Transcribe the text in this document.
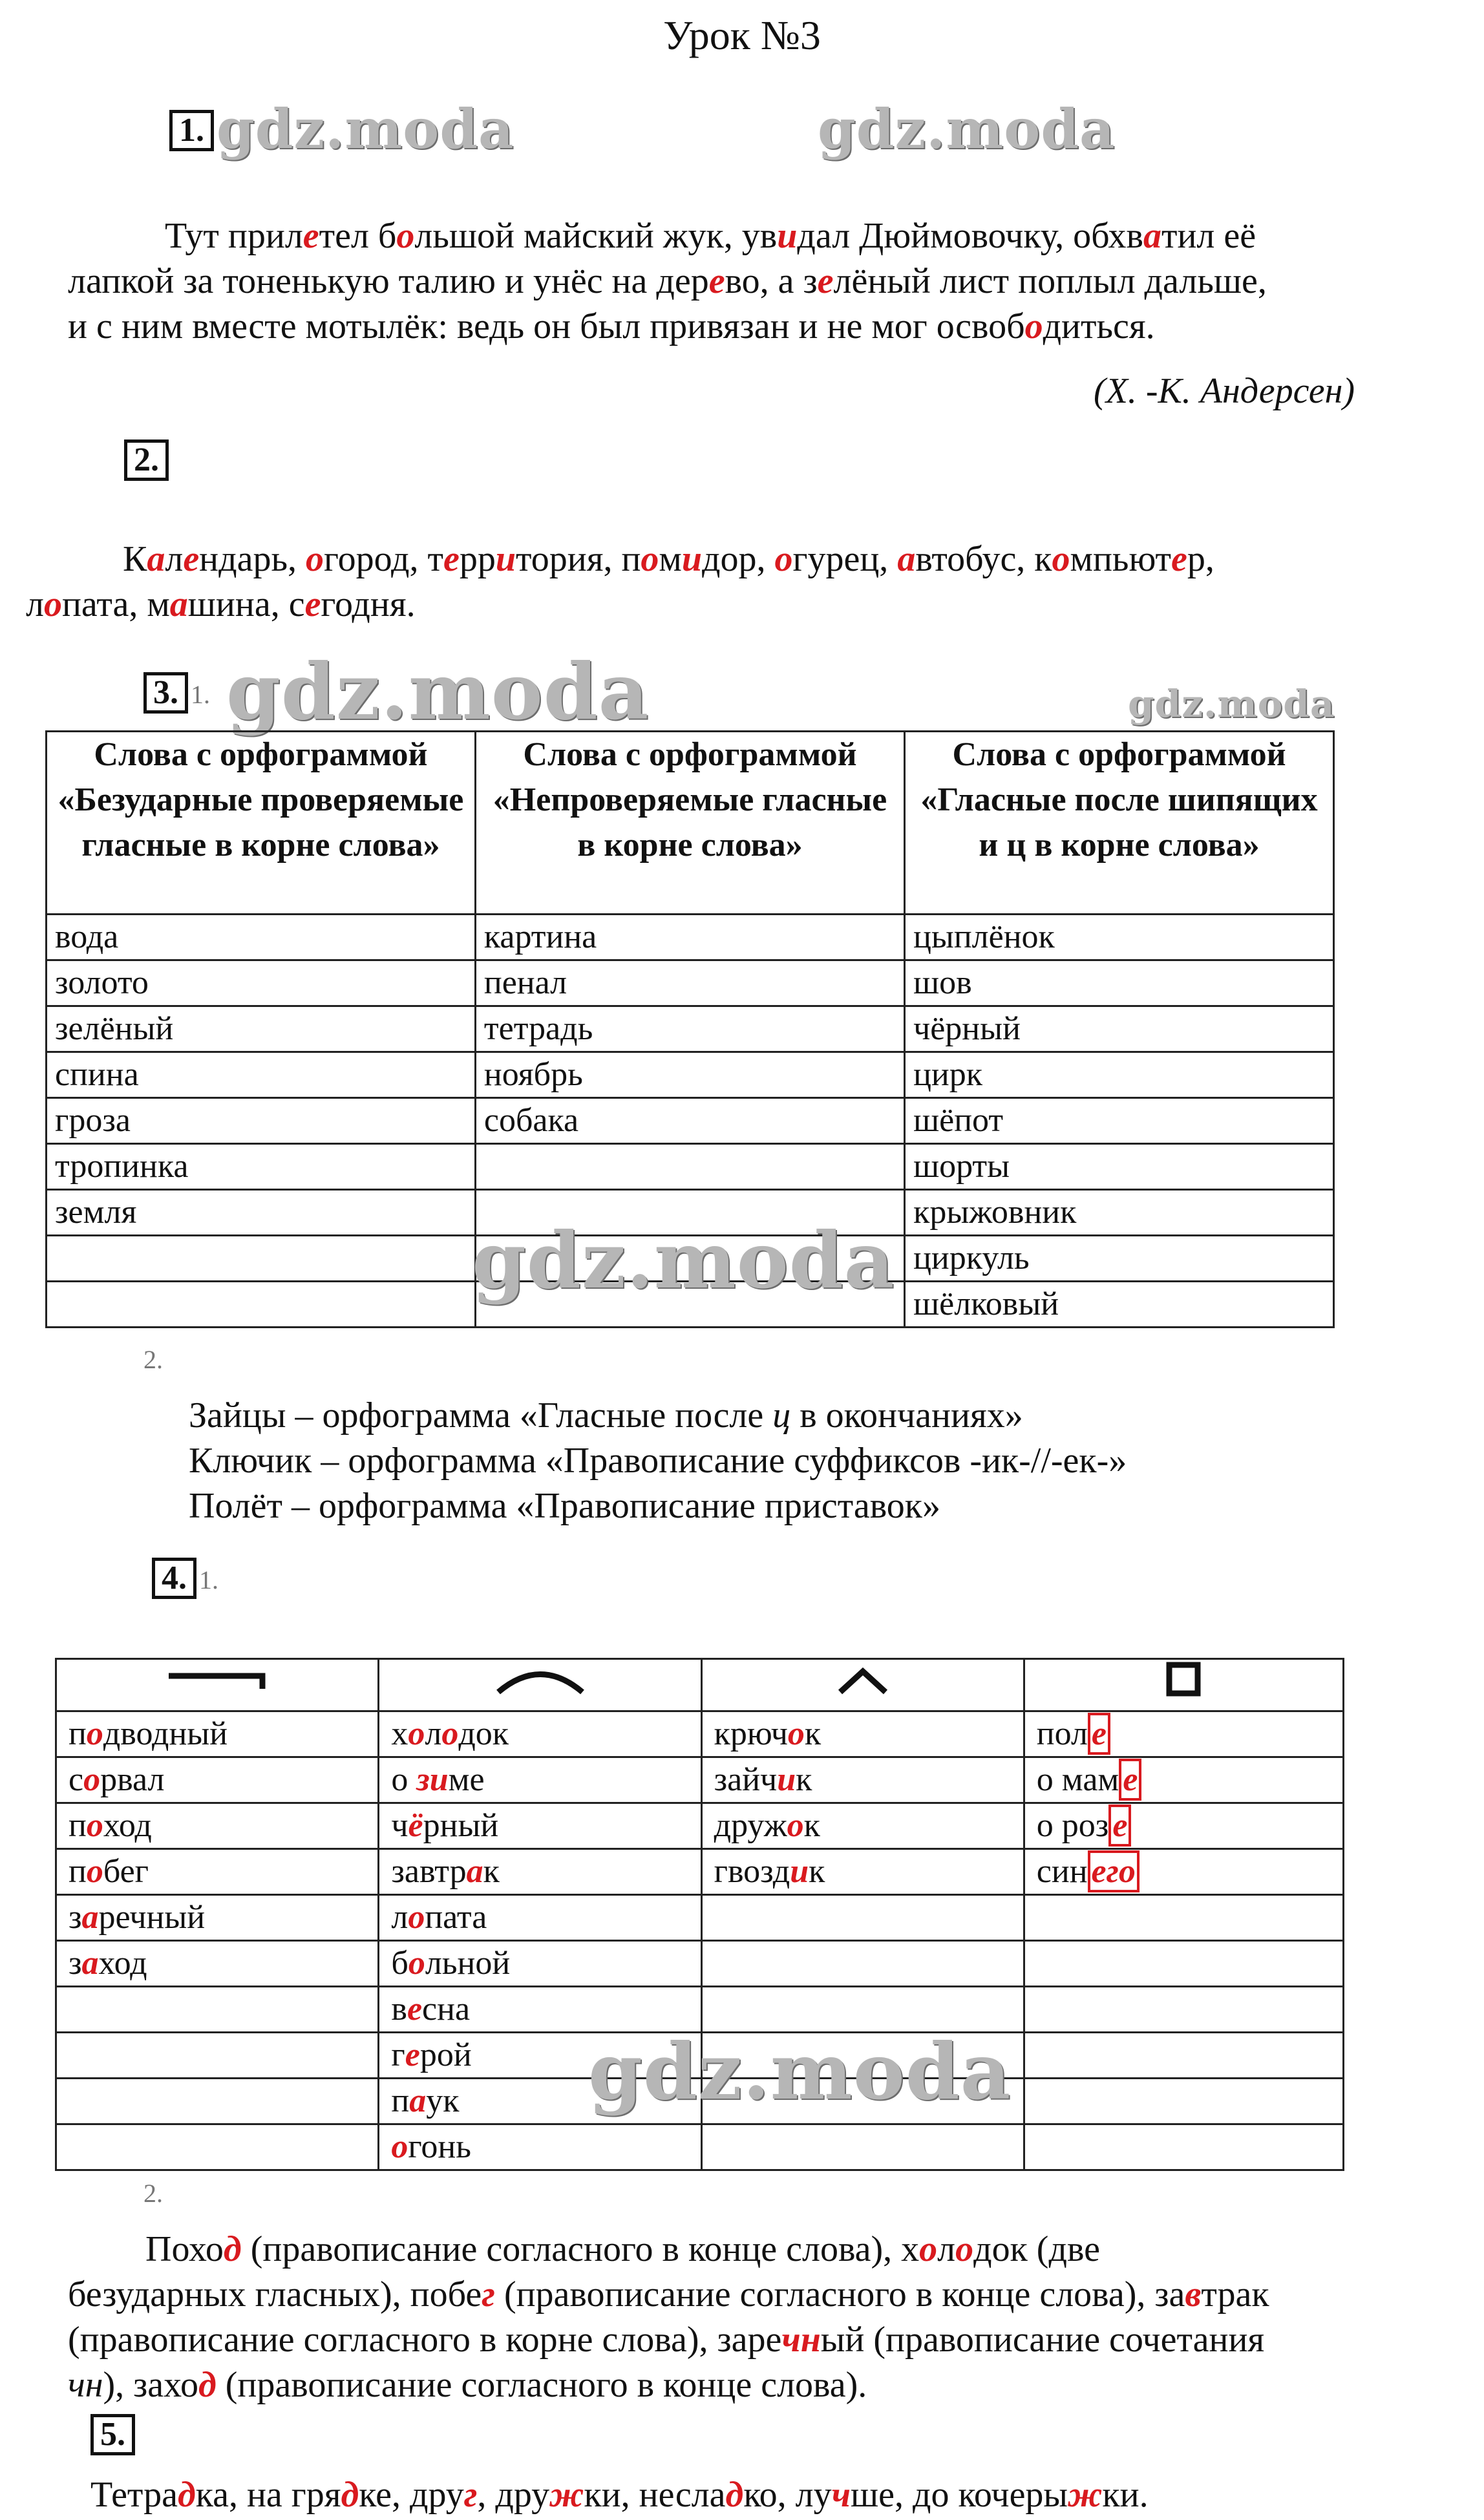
Урок №3
1. gdz.moda	gdz.moda
Тут прилетел большой майский жук, увидал Дюймовочку, обхватил её
лапкой за тоненькую талию и унёс на дерево, а зелёный лист поплыл дальше,
и с ним вместе мотылёк: ведь он был привязан и не мог освободиться.
(Х. -К. Андерсен)
2.
Календарь, огород, территория, помидор, огурец, автобус, компьютер,
лопата, машина, сегодня.
3. 1. gdz.moda	gdz.moda
Слова с орфограммой «Безударные проверяемые гласные в корне слова»	Слова с орфограммой «Непроверяемые гласные в корне слова»	Слова с орфограммой «Гласные после шипящих и ц в корне слова»
вода	картина	цыплёнок
золото	пенал	шов
зелёный	тетрадь	чёрный
спина	ноябрь	цирк
гроза	собака	шёпот
тропинка		шорты
земля		крыжовник
		циркуль
		шёлковый
gdz.moda
2.
Зайцы – орфограмма «Гласные после ц в окончаниях»
Ключик – орфограмма «Правописание суффиксов -ик-//-ек-»
Полёт – орфограмма «Правописание приставок»
4. 1.

подводный	холодок	крючок	пол е
сорвал	о зиме	зайчик	о мам е
поход	чёрный	дружок	о роз е
побег	завтрак	гвоздик	син его
заречный	лопата		
заход	больной		
	весна		
	герой		
	паук		
	огонь		
gdz.moda
2.
Поход (правописание согласного в конце слова), холодок (две
безударных гласных), побег (правописание согласного в конце слова), завтрак
(правописание согласного в корне слова), заречный (правописание сочетания
чн), заход (правописание согласного в конце слова).
5.
Тетрадка, на грядке, друг, дружки, несладко, лучше, до кочерыжки.
